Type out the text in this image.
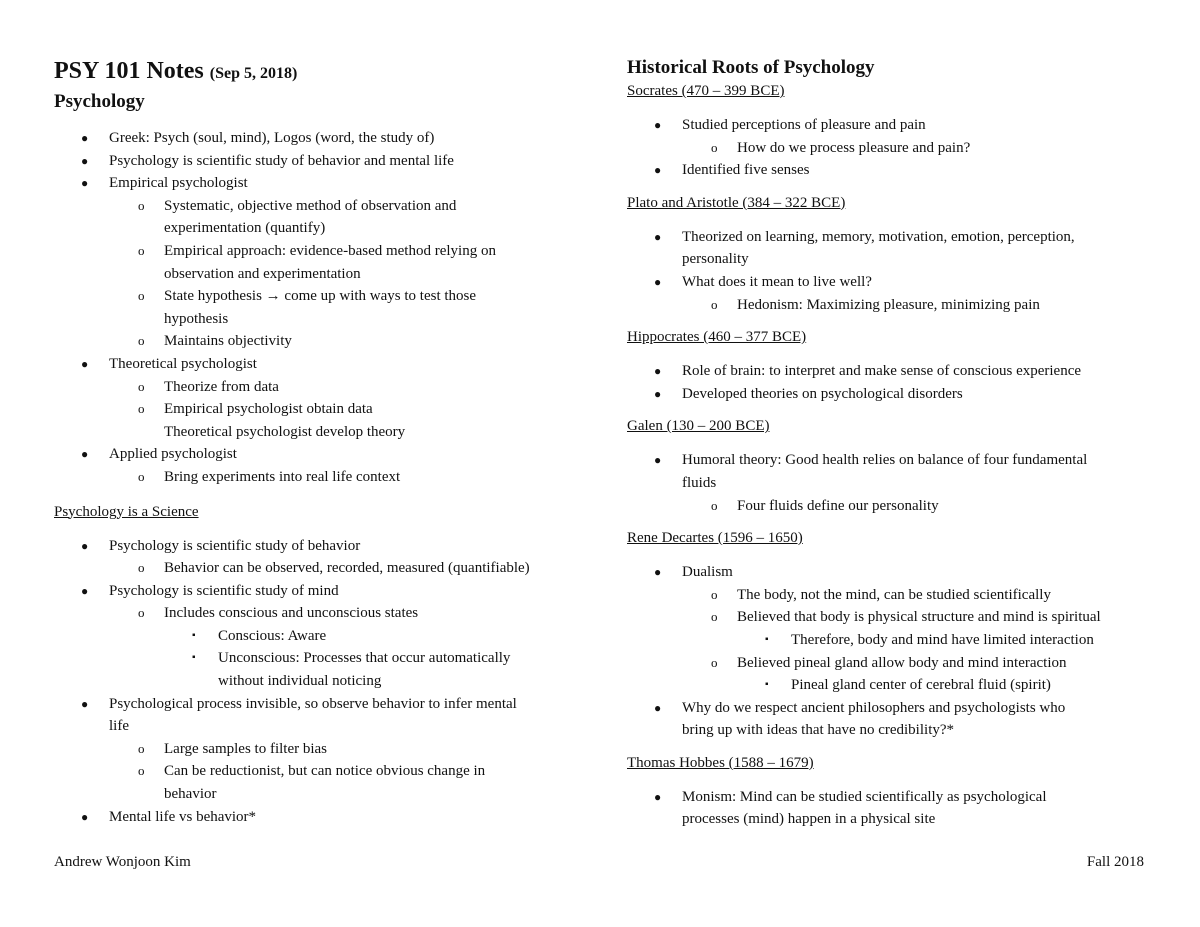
PSY 101 Notes (Sep 5, 2018)
Psychology
● Greek: Psych (soul, mind), Logos (word, the study of)
● Psychology is scientific study of behavior and mental life
● Empirical psychologist
o Systematic, objective method of observation and
experimentation (quantify)
o Empirical approach: evidence-based method relying on
observation and experimentation
o State hypothesis → come up with ways to test those
hypothesis
o Maintains objectivity
● Theoretical psychologist
o Theorize from data
o Empirical psychologist obtain data
Theoretical psychologist develop theory
● Applied psychologist
o Bring experiments into real life context

Psychology is a Science

● Psychology is scientific study of behavior
o Behavior can be observed, recorded, measured (quantifiable)
● Psychology is scientific study of mind
o Includes conscious and unconscious states
▪ Conscious: Aware
▪ Unconscious: Processes that occur automatically
without individual noticing
● Psychological process invisible, so observe behavior to infer mental
life
o Large samples to filter bias
o Can be reductionist, but can notice obvious change in
behavior
● Mental life vs behavior*
Historical Roots of Psychology

Socrates (470 – 399 BCE)

● Studied perceptions of pleasure and pain
o How do we process pleasure and pain?
● Identified five senses

Plato and Aristotle (384 – 322 BCE)

● Theorized on learning, memory, motivation, emotion, perception,
personality
● What does it mean to live well?
o Hedonism: Maximizing pleasure, minimizing pain

Hippocrates (460 – 377 BCE)

● Role of brain: to interpret and make sense of conscious experience
● Developed theories on psychological disorders

Galen (130 – 200 BCE)

● Humoral theory: Good health relies on balance of four fundamental
fluids
o Four fluids define our personality

Rene Decartes (1596 – 1650)

● Dualism
o The body, not the mind, can be studied scientifically
o Believed that body is physical structure and mind is spiritual
▪ Therefore, body and mind have limited interaction
o Believed pineal gland allow body and mind interaction
▪ Pineal gland center of cerebral fluid (spirit)
● Why do we respect ancient philosophers and psychologists who
bring up with ideas that have no credibility?*

Thomas Hobbes (1588 – 1679)

● Monism: Mind can be studied scientifically as psychological
processes (mind) happen in a physical site
Andrew Wonjoon Kim	Fall 2018
